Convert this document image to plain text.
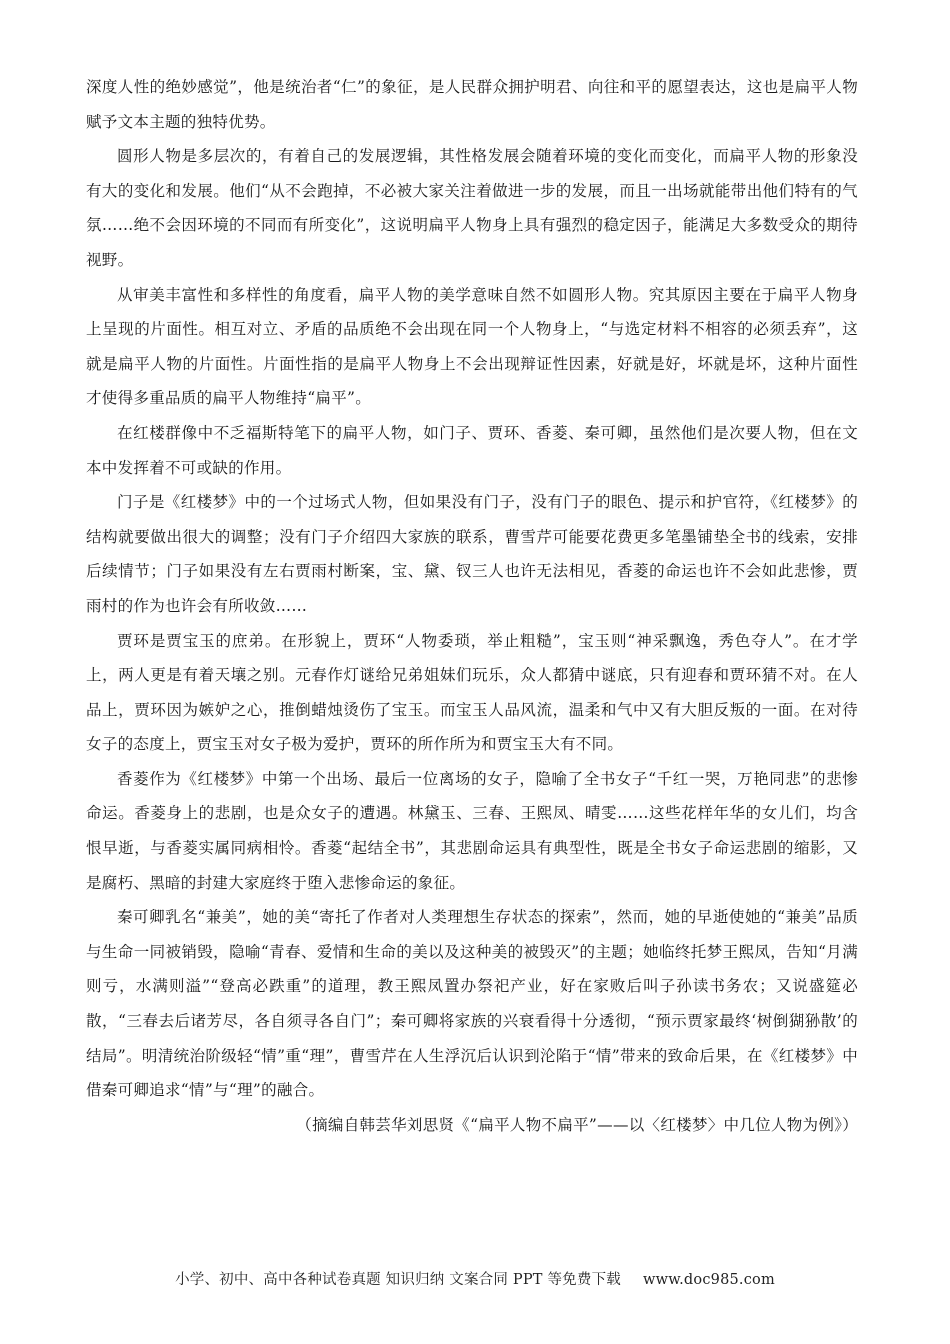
深度人性的绝妙感觉”，他是统治者“仁”的象征，是人民群众拥护明君、向往和平的愿望表达，这也是扁平人物赋予文本主题的独特优势。

圆形人物是多层次的，有着自己的发展逻辑，其性格发展会随着环境的变化而变化，而扁平人物的形象没有大的变化和发展。他们“从不会跑掉，不必被大家关注着做进一步的发展，而且一出场就能带出他们特有的气氛……绝不会因环境的不同而有所变化”，这说明扁平人物身上具有强烈的稳定因子，能满足大多数受众的期待视野。

从审美丰富性和多样性的角度看，扁平人物的美学意味自然不如圆形人物。究其原因主要在于扁平人物身上呈现的片面性。相互对立、矛盾的品质绝不会出现在同一个人物身上，“与选定材料不相容的必须丢弃”，这就是扁平人物的片面性。片面性指的是扁平人物身上不会出现辩证性因素，好就是好，坏就是坏，这种片面性才使得多重品质的扁平人物维持“扁平”。

在红楼群像中不乏福斯特笔下的扁平人物，如门子、贾环、香菱、秦可卿，虽然他们是次要人物，但在文本中发挥着不可或缺的作用。

门子是《红楼梦》中的一个过场式人物，但如果没有门子，没有门子的眼色、提示和护官符，《红楼梦》的结构就要做出很大的调整；没有门子介绍四大家族的联系，曹雪芹可能要花费更多笔墨铺垫全书的线索，安排后续情节；门子如果没有左右贾雨村断案，宝、黛、钗三人也许无法相见，香菱的命运也许不会如此悲惨，贾雨村的作为也许会有所收敛……

贾环是贾宝玉的庶弟。在形貌上，贾环“人物委琐，举止粗糙”，宝玉则“神采飘逸，秀色夺人”。在才学上，两人更是有着天壤之别。元春作灯谜给兄弟姐妹们玩乐，众人都猜中谜底，只有迎春和贾环猜不对。在人品上，贾环因为嫉妒之心，推倒蜡烛烫伤了宝玉。而宝玉人品风流，温柔和气中又有大胆反叛的一面。在对待女子的态度上，贾宝玉对女子极为爱护，贾环的所作所为和贾宝玉大有不同。

香菱作为《红楼梦》中第一个出场、最后一位离场的女子，隐喻了全书女子“千红一哭，万艳同悲”的悲惨命运。香菱身上的悲剧，也是众女子的遭遇。林黛玉、三春、王熙凤、晴雯……这些花样年华的女儿们，均含恨早逝，与香菱实属同病相怜。香菱“起结全书”，其悲剧命运具有典型性，既是全书女子命运悲剧的缩影，又是腐朽、黑暗的封建大家庭终于堕入悲惨命运的象征。

秦可卿乳名“兼美”，她的美“寄托了作者对人类理想生存状态的探索”，然而，她的早逝使她的“兼美”品质与生命一同被销毁，隐喻“青春、爱情和生命的美以及这种美的被毁灭”的主题；她临终托梦王熙凤，告知“月满则亏，水满则溢”“登高必跌重”的道理，教王熙凤置办祭祀产业，好在家败后叫子孙读书务农；又说盛筵必散，“三春去后诸芳尽，各自须寻各自门”；秦可卿将家族的兴衰看得十分透彻，“预示贾家最终‘树倒猢狲散’的结局”。明清统治阶级轻“情”重“理”，曹雪芹在人生浮沉后认识到沦陷于“情”带来的致命后果，在《红楼梦》中借秦可卿追求“情”与“理”的融合。

（摘编自韩芸华刘思贤《“扁平人物不扁平”——以〈红楼梦〉中几位人物为例》）

小学、初中、高中各种试卷真题 知识归纳 文案合同 PPT 等免费下载 www.doc985.com
